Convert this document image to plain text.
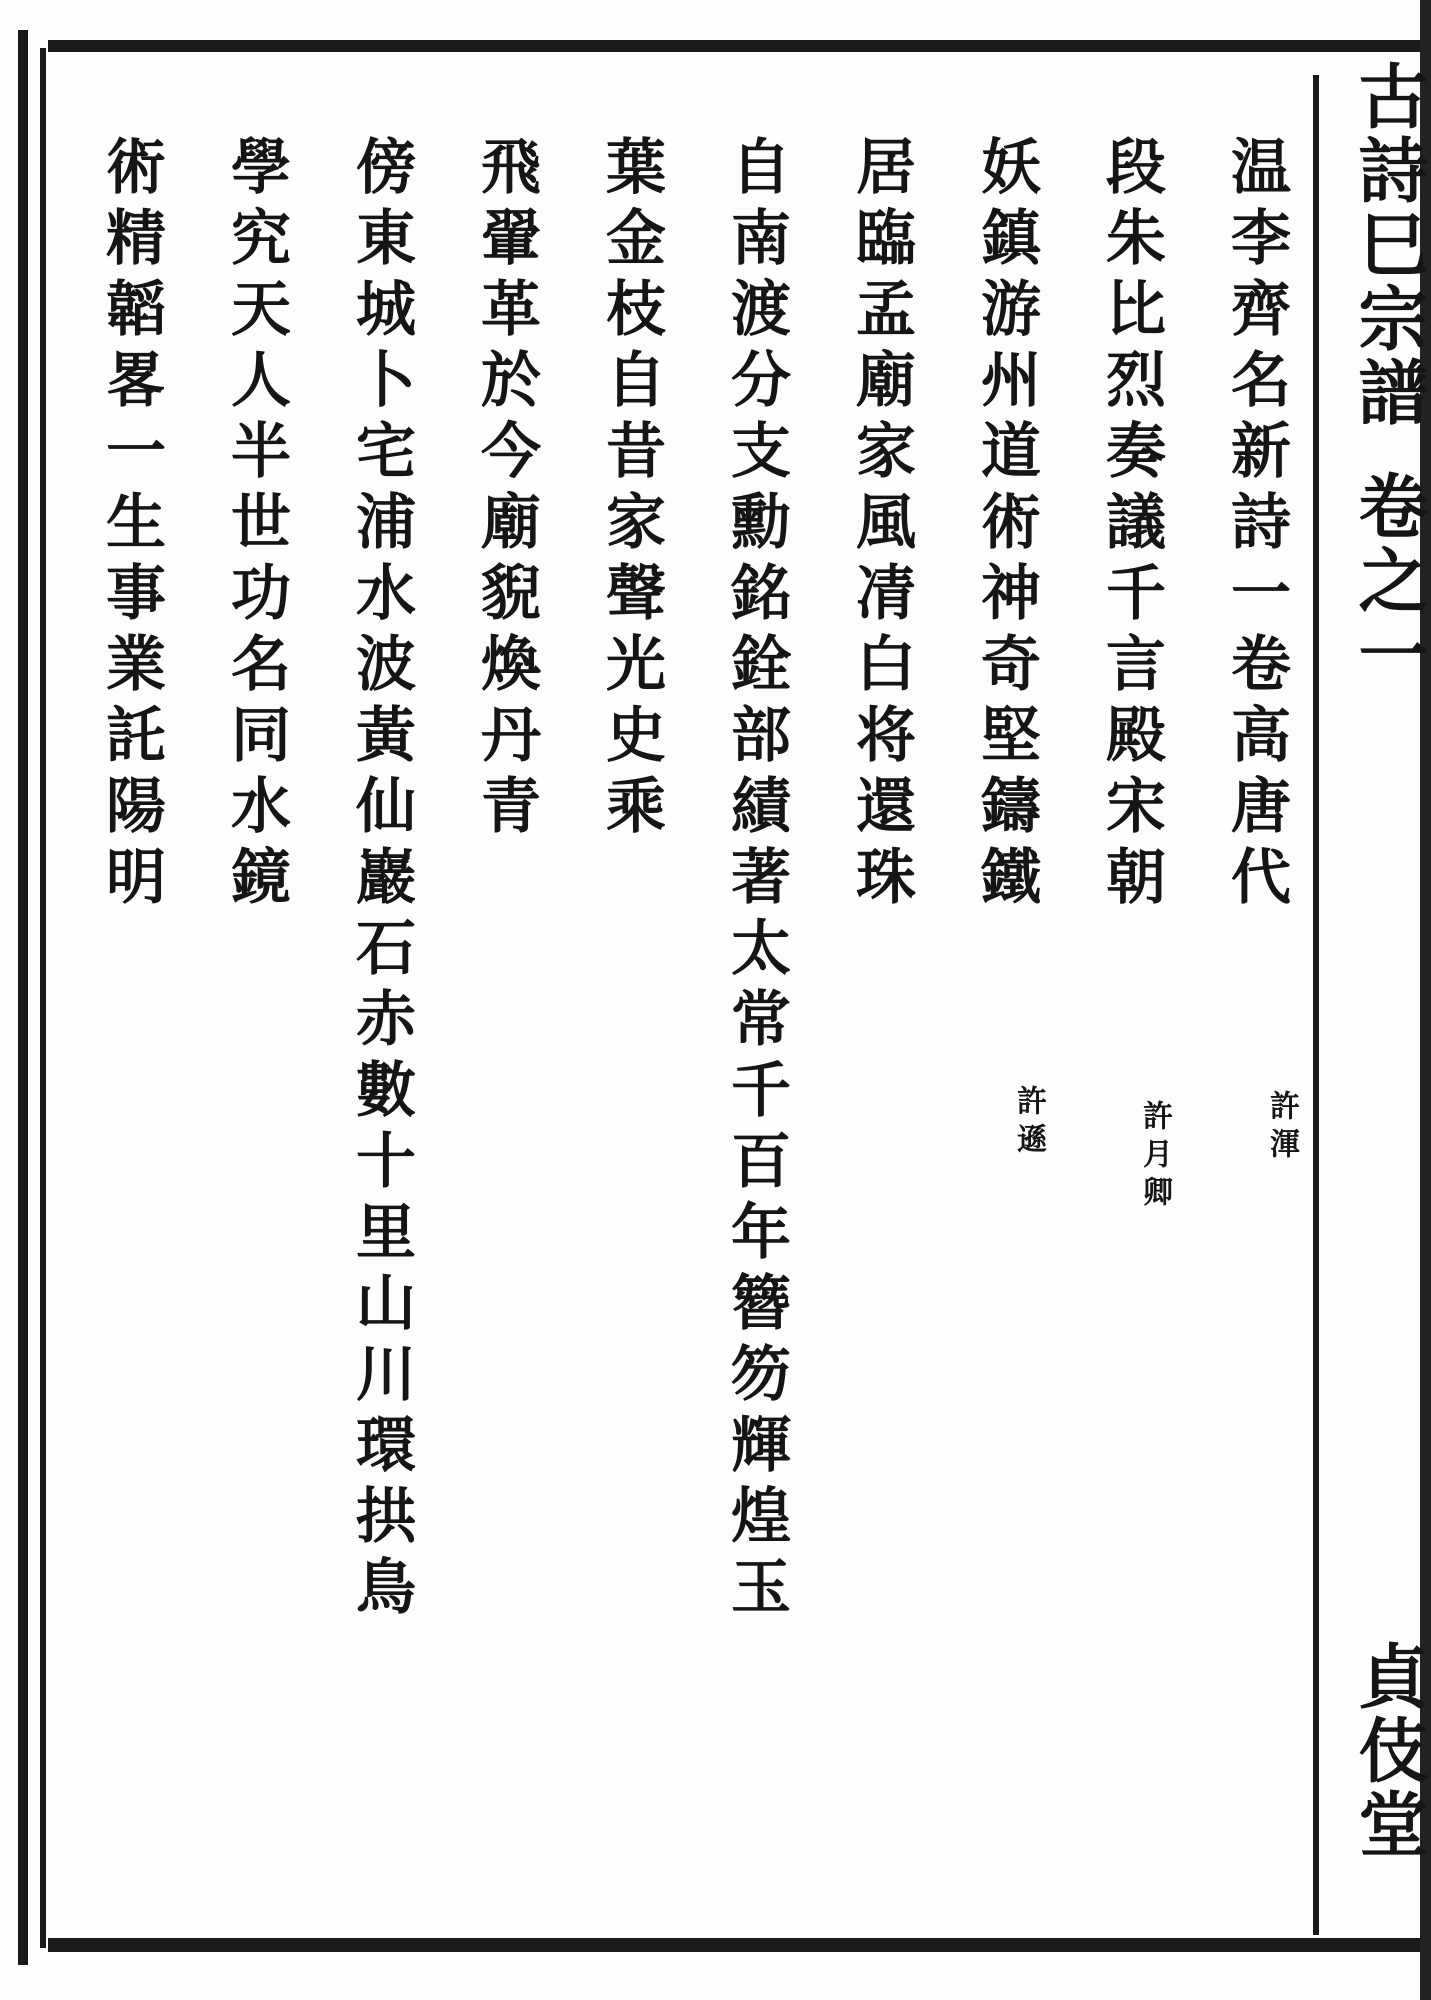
温李齊名新詩一卷高唐代
段朱比烈奏議千言殿宋朝
妖鎮游州道術神奇堅鑄鐵
居臨孟廟家風凊白将還珠
自南渡分支勳銘銓部績著太常千百年簪笏輝煌玉
葉金枝自昔家聲光史乘
飛翬革於今廟貎煥丹青
傍東城卜宅浦水波黃仙巖石赤數十里山川環拱鳥
學究天人半世功名同水鏡
術精韜畧一生事業託陽明
許渾
許月卿
許遜
古詩巳宗譜
卷之一
貞伎堂
